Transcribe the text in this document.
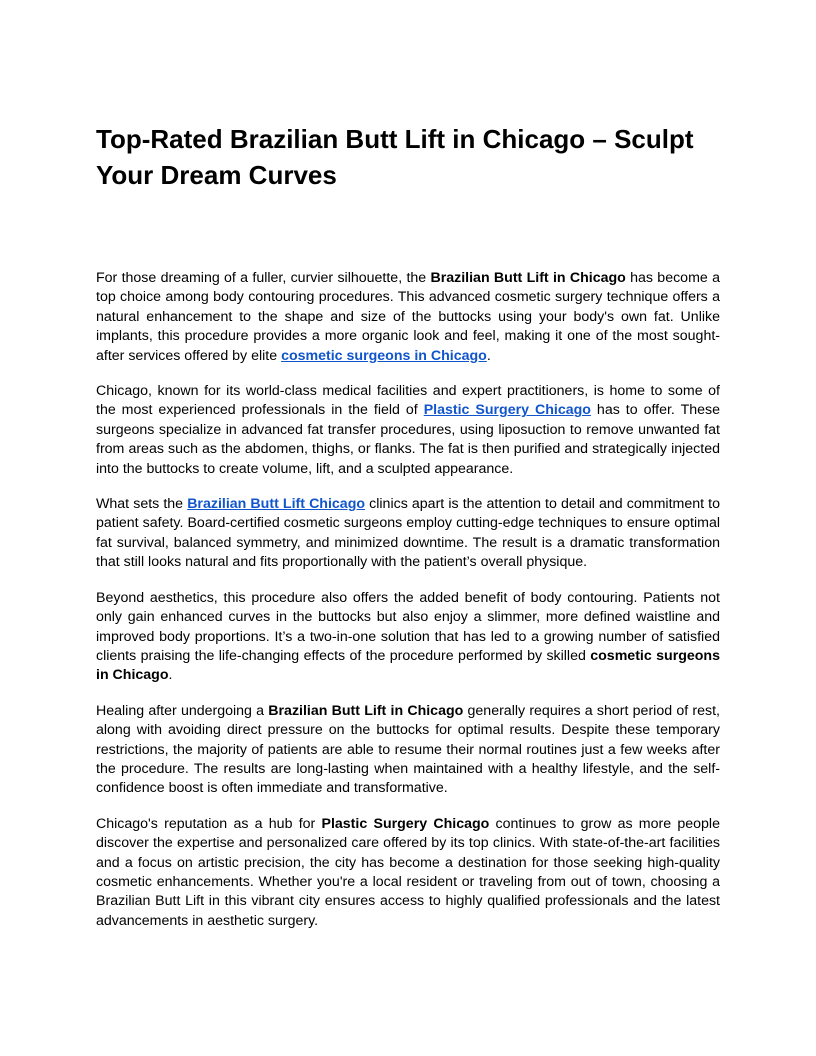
Top-Rated Brazilian Butt Lift in Chicago – Sculpt Your Dream Curves

For those dreaming of a fuller, curvier silhouette, the Brazilian Butt Lift in Chicago has become a top choice among body contouring procedures. This advanced cosmetic surgery technique offers a natural enhancement to the shape and size of the buttocks using your body's own fat. Unlike implants, this procedure provides a more organic look and feel, making it one of the most sought-after services offered by elite cosmetic surgeons in Chicago.

Chicago, known for its world-class medical facilities and expert practitioners, is home to some of the most experienced professionals in the field of Plastic Surgery Chicago has to offer. These surgeons specialize in advanced fat transfer procedures, using liposuction to remove unwanted fat from areas such as the abdomen, thighs, or flanks. The fat is then purified and strategically injected into the buttocks to create volume, lift, and a sculpted appearance.

What sets the Brazilian Butt Lift Chicago clinics apart is the attention to detail and commitment to patient safety. Board-certified cosmetic surgeons employ cutting-edge techniques to ensure optimal fat survival, balanced symmetry, and minimized downtime. The result is a dramatic transformation that still looks natural and fits proportionally with the patient’s overall physique.

Beyond aesthetics, this procedure also offers the added benefit of body contouring. Patients not only gain enhanced curves in the buttocks but also enjoy a slimmer, more defined waistline and improved body proportions. It’s a two-in-one solution that has led to a growing number of satisfied clients praising the life-changing effects of the procedure performed by skilled cosmetic surgeons in Chicago.

Healing after undergoing a Brazilian Butt Lift in Chicago generally requires a short period of rest, along with avoiding direct pressure on the buttocks for optimal results. Despite these temporary restrictions, the majority of patients are able to resume their normal routines just a few weeks after the procedure. The results are long-lasting when maintained with a healthy lifestyle, and the self-confidence boost is often immediate and transformative.

Chicago's reputation as a hub for Plastic Surgery Chicago continues to grow as more people discover the expertise and personalized care offered by its top clinics. With state-of-the-art facilities and a focus on artistic precision, the city has become a destination for those seeking high-quality cosmetic enhancements. Whether you're a local resident or traveling from out of town, choosing a Brazilian Butt Lift in this vibrant city ensures access to highly qualified professionals and the latest advancements in aesthetic surgery.
